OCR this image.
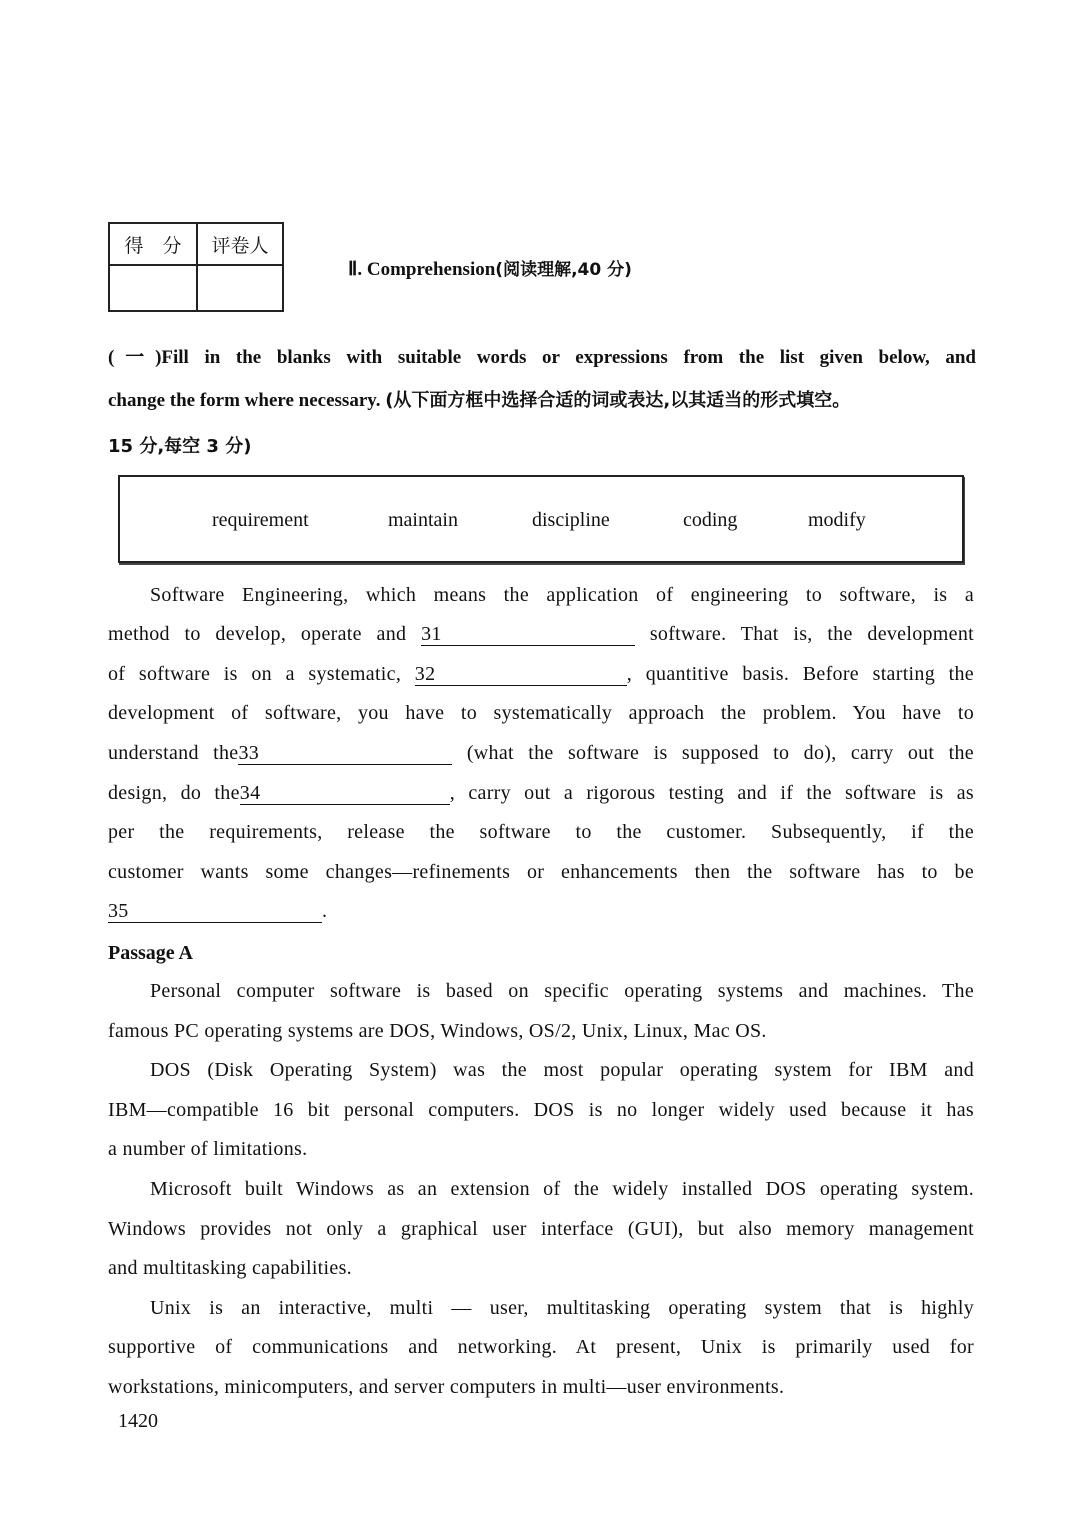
得　分	评卷人

Ⅱ. Comprehension(阅读理解,40 分)
(一)Fill in the blanks with suitable words or expressions from the list given below, and
change the form where necessary. (从下面方框中选择合适的词或表达,以其适当的形式填空。
15 分,每空 3 分)
requirement	maintain	discipline	coding	modify
Software Engineering, which means the application of engineering to software, is a
method to develop, operate and 31	software. That is, the development
of software is on a systematic, 32	, quantitive basis. Before starting the
development of software, you have to systematically approach the problem. You have to
understand the33	(what the software is supposed to do), carry out the
design, do the34	, carry out a rigorous testing and if the software is as
per the requirements, release the software to the customer. Subsequently, if the
customer wants some changes—refinements or enhancements then the software has to be
35	.
Passage A
Personal computer software is based on specific operating systems and machines. The
famous PC operating systems are DOS, Windows, OS/2, Unix, Linux, Mac OS.
DOS (Disk Operating System) was the most popular operating system for IBM and
IBM—compatible 16 bit personal computers. DOS is no longer widely used because it has
a number of limitations.
Microsoft built Windows as an extension of the widely installed DOS operating system.
Windows provides not only a graphical user interface (GUI), but also memory management
and multitasking capabilities.
Unix is an interactive, multi — user, multitasking operating system that is highly
supportive of communications and networking. At present, Unix is primarily used for
workstations, minicomputers, and server computers in multi—user environments.
1420
